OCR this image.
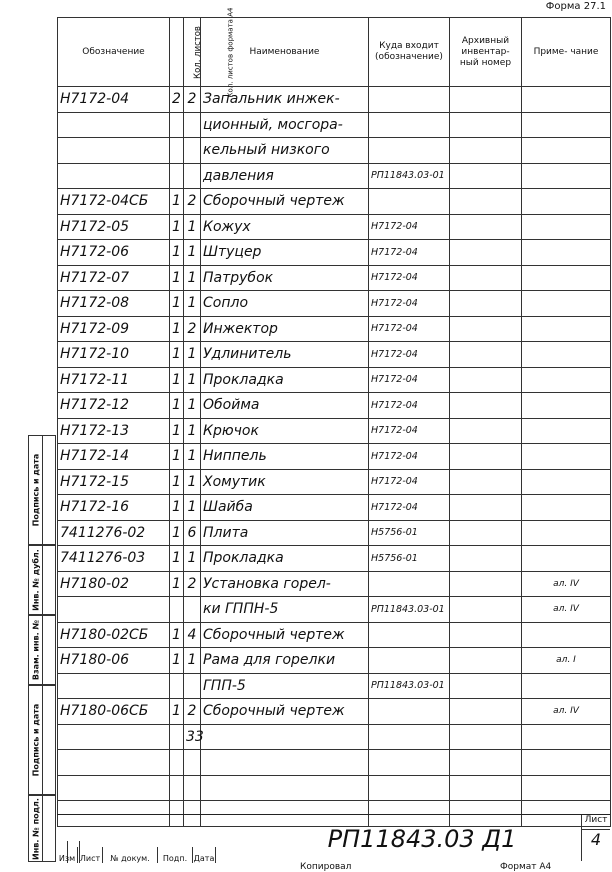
Форма 27.1
Подпись и дата
Инв. № дубл.
Взам. инв. №
Подпись и дата
Инв. № подл.
Обозначение	Кол. листов	Кол. листов формата А4	Наименование	Куда входит (обозначение)	Архивный инвентар- ный номер	Приме- чание
Н7172-04	2	2	Запальник инжек-			
			ционный, мосгора-			
			кельный низкого			
			давления	РП11843.03-01		
Н7172-04СБ	1	2	Сборочный чертеж			
Н7172-05	1	1	Кожух	Н7172-04		
Н7172-06	1	1	Штуцер	Н7172-04		
Н7172-07	1	1	Патрубок	Н7172-04		
Н7172-08	1	1	Сопло	Н7172-04		
Н7172-09	1	2	Инжектор	Н7172-04		
Н7172-10	1	1	Удлинитель	Н7172-04		
Н7172-11	1	1	Прокладка	Н7172-04		
Н7172-12	1	1	Обойма	Н7172-04		
Н7172-13	1	1	Крючок	Н7172-04		
Н7172-14	1	1	Ниппель	Н7172-04		
Н7172-15	1	1	Хомутик	Н7172-04		
Н7172-16	1	1	Шайба	Н7172-04		
7411276-02	1	6	Плита	Н5756-01		
7411276-03	1	1	Прокладка	Н5756-01		
Н7180-02	1	2	Установка горел-			ал. IV
			ки ГППН-5	РП11843.03-01		ал. IV
Н7180-02СБ	1	4	Сборочный чертеж			
Н7180-06	1	1	Рама для горелки			ал. I
			ГПП-5	РП11843.03-01		
Н7180-06СБ	1	2	Сборочный чертеж			ал. IV
		33				

Изм Лист	№ докум.	Подп. Дата
РП11843.03 Д1
Лист
4
Копировал	Формат А4
